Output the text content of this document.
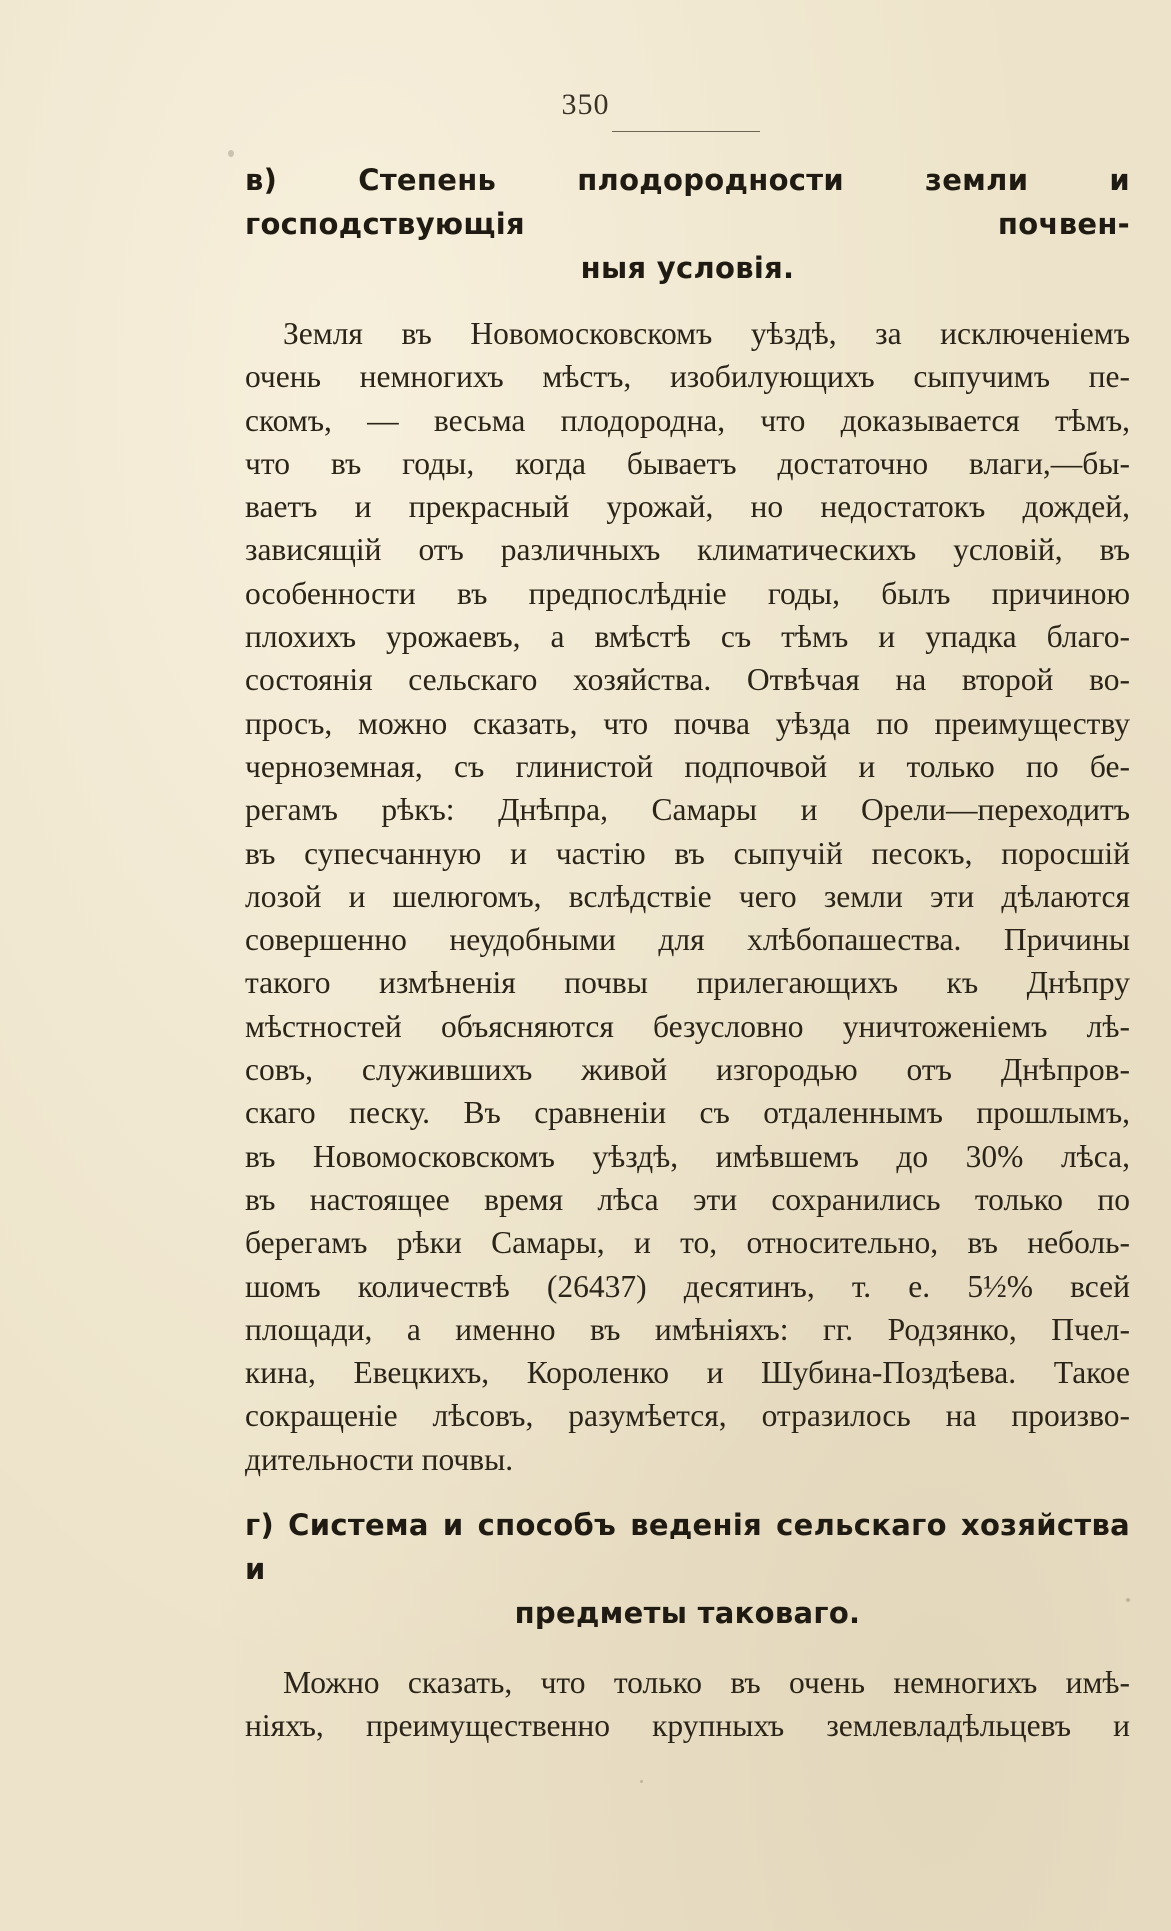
350
в) Степень плодородности земли и господствующія почвен-
ныя условія.

Земля въ Новомосковскомъ уѣздѣ, за исключеніемъ
очень немногихъ мѣстъ, изобилующихъ сыпучимъ пе-
скомъ, — весьма плодородна, что доказывается тѣмъ,
что въ годы, когда бываетъ достаточно влаги,—бы-
ваетъ и прекрасный урожай, но недостатокъ дождей,
зависящій отъ различныхъ климатическихъ условій, въ
особенности въ предпослѣдніе годы, былъ причиною
плохихъ урожаевъ, а вмѣстѣ съ тѣмъ и упадка благо-
состоянія сельскаго хозяйства. Отвѣчая на второй во-
просъ, можно сказать, что почва уѣзда по преимуществу
черноземная, съ глинистой подпочвой и только по бе-
регамъ рѣкъ: Днѣпра, Самары и Орели—переходитъ
въ супесчанную и частію въ сыпучій песокъ, поросшій
лозой и шелюгомъ, вслѣдствіе чего земли эти дѣлаются
совершенно неудобными для хлѣбопашества. Причины
такого измѣненія почвы прилегающихъ къ Днѣпру
мѣстностей объясняются безусловно уничтоженіемъ лѣ-
совъ, служившихъ живой изгородью отъ Днѣпров-
скаго песку. Въ сравненіи съ отдаленнымъ прошлымъ,
въ Новомосковскомъ уѣздѣ, имѣвшемъ до 30% лѣса,
въ настоящее время лѣса эти сохранились только по
берегамъ рѣки Самары, и то, относительно, въ неболь-
шомъ количествѣ (26437) десятинъ, т. е. 5½% всей
площади, а именно въ имѣніяхъ: гг. Родзянко, Пчел-
кина, Евецкихъ, Короленко и Шубина-Поздѣева. Такое
сокращеніе лѣсовъ, разумѣется, отразилось на произво-
дительности почвы.

г) Система и способъ веденія сельскаго хозяйства и
предметы таковаго.

Можно сказать, что только въ очень немногихъ имѣ-
ніяхъ, преимущественно крупныхъ землевладѣльцевъ и
